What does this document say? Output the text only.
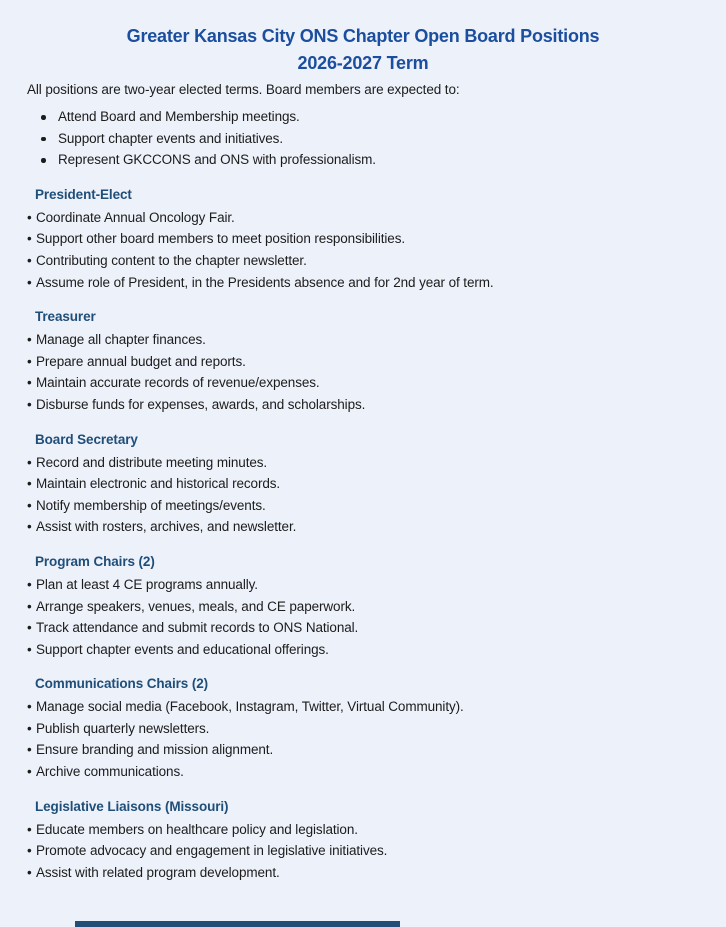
Greater Kansas City ONS Chapter Open Board Positions
2026-2027 Term

All positions are two-year elected terms. Board members are expected to:

Attend Board and Membership meetings.
Support chapter events and initiatives.
Represent GKCCONS and ONS with professionalism.
President-Elect
• Coordinate Annual Oncology Fair.
• Support other board members to meet position responsibilities.
• Contributing content to the chapter newsletter.
• Assume role of President, in the Presidents absence and for 2nd year of term.
Treasurer
• Manage all chapter finances.
• Prepare annual budget and reports.
• Maintain accurate records of revenue/expenses.
• Disburse funds for expenses, awards, and scholarships.
Board Secretary
• Record and distribute meeting minutes.
• Maintain electronic and historical records.
• Notify membership of meetings/events.
• Assist with rosters, archives, and newsletter.
Program Chairs (2)
• Plan at least 4 CE programs annually.
• Arrange speakers, venues, meals, and CE paperwork.
• Track attendance and submit records to ONS National.
• Support chapter events and educational offerings.
Communications Chairs (2)
• Manage social media (Facebook, Instagram, Twitter, Virtual Community).
• Publish quarterly newsletters.
• Ensure branding and mission alignment.
• Archive communications.
Legislative Liaisons (Missouri)
• Educate members on healthcare policy and legislation.
• Promote advocacy and engagement in legislative initiatives.
• Assist with related program development.
